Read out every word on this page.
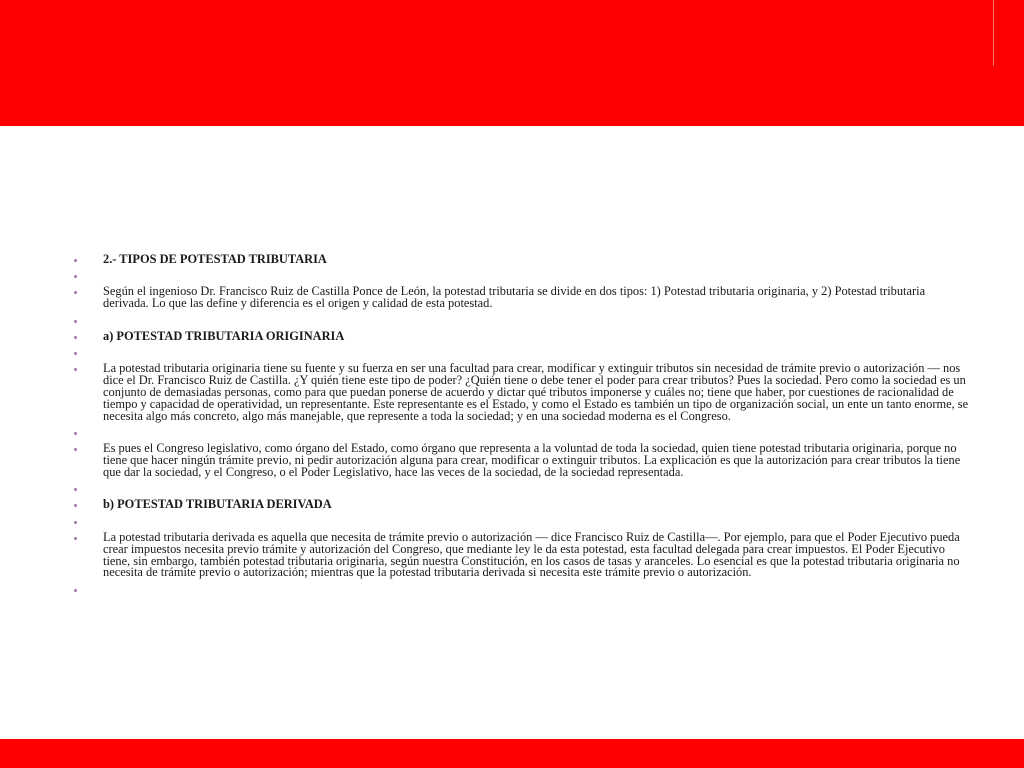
2.- TIPOS DE POTESTAD TRIBUTARIA
Según el ingenioso Dr. Francisco Ruiz de Castilla Ponce de León, la potestad tributaria se divide en dos tipos: 1) Potestad tributaria originaria, y 2) Potestad tributaria derivada. Lo que las define y diferencia es el origen y calidad de esta potestad.
a) POTESTAD TRIBUTARIA ORIGINARIA
La potestad tributaria originaria tiene su fuente y su fuerza en ser una facultad para crear, modificar y extinguir tributos sin necesidad de trámite previo o autorización — nos dice el Dr. Francisco Ruiz de Castilla. ¿Y quién tiene este tipo de poder? ¿Quién tiene o debe tener el poder para crear tributos? Pues la sociedad. Pero como la sociedad es un conjunto de demasiadas personas, como para que puedan ponerse de acuerdo y dictar qué tributos imponerse y cuáles no; tiene que haber, por cuestiones de racionalidad de tiempo y capacidad de operatividad, un representante. Este representante es el Estado, y como el Estado es también un tipo de organización social, un ente un tanto enorme, se necesita algo más concreto, algo más manejable, que represente a toda la sociedad; y en una sociedad moderna es el Congreso.
Es pues el Congreso legislativo, como órgano del Estado, como órgano que representa a la voluntad de toda la sociedad, quien tiene potestad tributaria originaria, porque no tiene que hacer ningún trámite previo, ni pedir autorización alguna para crear, modificar o extinguir tributos. La explicación es que la autorización para crear tributos la tiene que dar la sociedad, y el Congreso, o el Poder Legislativo, hace las veces de la sociedad, de la sociedad representada.
b) POTESTAD TRIBUTARIA DERIVADA
La potestad tributaria derivada es aquella que necesita de trámite previo o autorización — dice Francisco Ruiz de Castilla—. Por ejemplo, para que el Poder Ejecutivo pueda crear impuestos necesita previo trámite y autorización del Congreso, que mediante ley le da esta potestad, esta facultad delegada para crear impuestos. El Poder Ejecutivo tiene, sin embargo, también potestad tributaria originaria, según nuestra Constitución, en los casos de tasas y aranceles. Lo esencial es que la potestad tributaria originaria no necesita de trámite previo o autorización; mientras que la potestad tributaria derivada si necesita este trámite previo o autorización.
